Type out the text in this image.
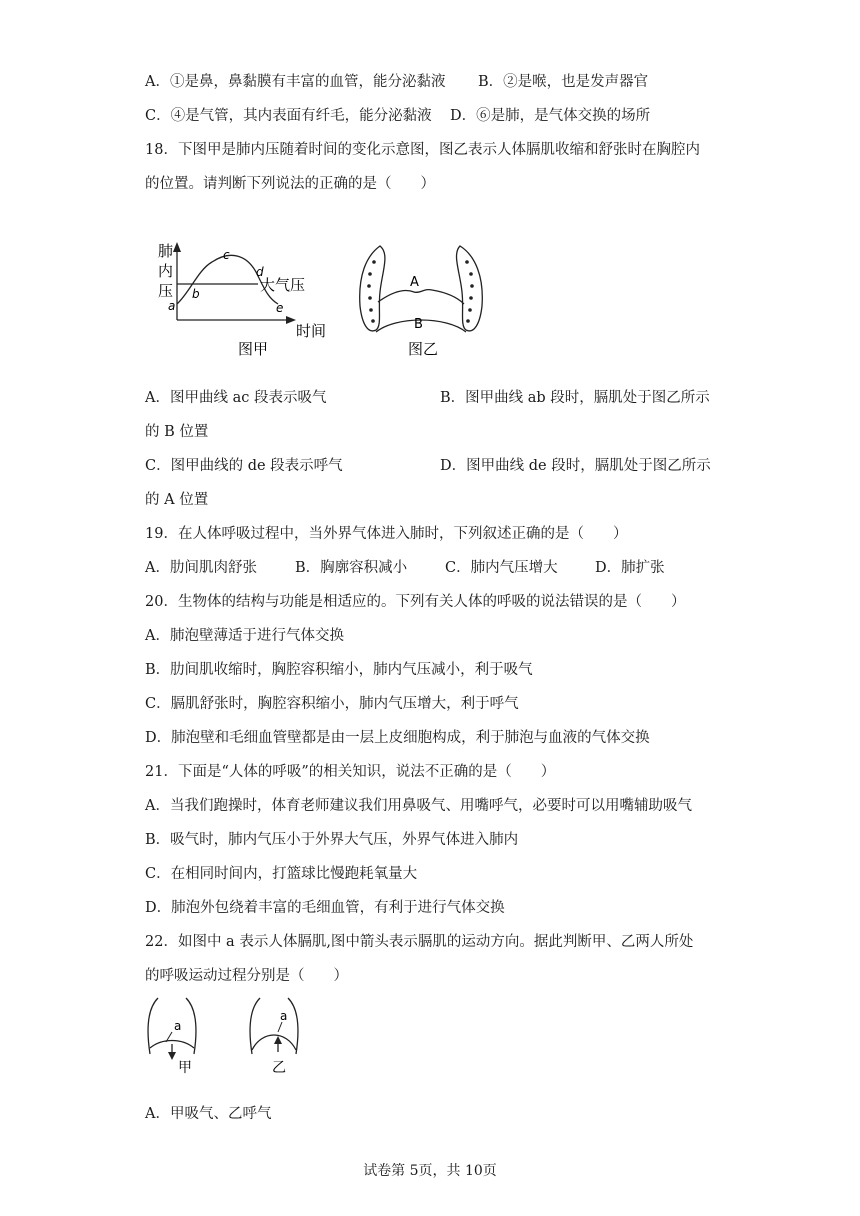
A．①是鼻，鼻黏膜有丰富的血管，能分泌黏液 B．②是喉，也是发声器官
C．④是气管，其内表面有纤毛，能分泌黏液 D．⑥是肺，是气体交换的场所
18．下图甲是肺内压随着时间的变化示意图，图乙表示人体膈肌收缩和舒张时在胸腔内
的位置。请判断下列说法的正确的是（　　）
肺
内
压
a
b
c
d
e
大气压
时间
图甲
A
B
图乙
A．图甲曲线 ac 段表示吸气	B．图甲曲线 ab 段时，膈肌处于图乙所示
的 B 位置
C．图甲曲线的 de 段表示呼气	D．图甲曲线 de 段时，膈肌处于图乙所示
的 A 位置
19．在人体呼吸过程中，当外界气体进入肺时，下列叙述正确的是（　　）
A．肋间肌肉舒张	B．胸廓容积减小	C．肺内气压增大	D．肺扩张
20．生物体的结构与功能是相适应的。下列有关人体的呼吸的说法错误的是（　　）
A．肺泡壁薄适于进行气体交换
B．肋间肌收缩时，胸腔容积缩小，肺内气压减小，利于吸气
C．膈肌舒张时，胸腔容积缩小，肺内气压增大，利于呼气
D．肺泡壁和毛细血管壁都是由一层上皮细胞构成，利于肺泡与血液的气体交换
21．下面是“人体的呼吸”的相关知识，说法不正确的是（　　）
A．当我们跑操时，体育老师建议我们用鼻吸气、用嘴呼气，必要时可以用嘴辅助吸气
B．吸气时，肺内气压小于外界大气压，外界气体进入肺内
C．在相同时间内，打篮球比慢跑耗氧量大
D．肺泡外包绕着丰富的毛细血管，有利于进行气体交换
22．如图中 a 表示人体膈肌,图中箭头表示膈肌的运动方向。据此判断甲、乙两人所处
的呼吸运动过程分别是（　　）
a
甲
a
乙
A．甲吸气、乙呼气
试卷第 5页，共 10页
